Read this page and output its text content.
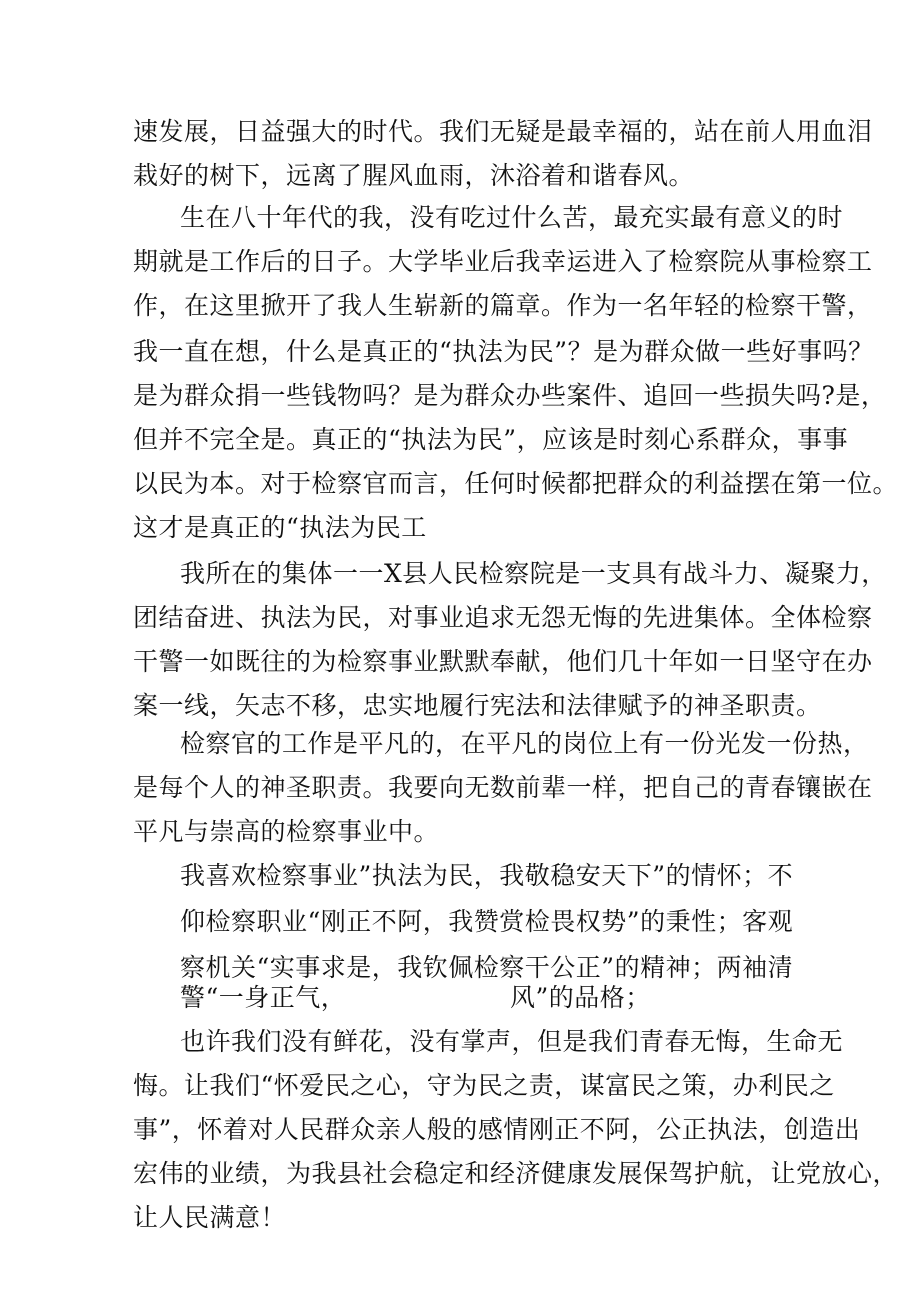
速发展，日益强大的时代。我们无疑是最幸福的，站在前人用血泪
栽好的树下，远离了腥风血雨，沐浴着和谐春风。
生在八十年代的我，没有吃过什么苦，最充实最有意义的时
期就是工作后的日子。大学毕业后我幸运进入了检察院从事检察工
作，在这里掀开了我人生崭新的篇章。作为一名年轻的检察干警，
我一直在想，什么是真正的“执法为民”？是为群众做一些好事吗？
是为群众捐一些钱物吗？是为群众办些案件、追回一些损失吗?是，
但并不完全是。真正的“执法为民”，应该是时刻心系群众，事事
以民为本。对于检察官而言，任何时候都把群众的利益摆在第一位。
这才是真正的“执法为民工
我所在的集体一一X县人民检察院是一支具有战斗力、凝聚力，
团结奋进、执法为民，对事业追求无怨无悔的先进集体。全体检察
干警一如既往的为检察事业默默奉献，他们几十年如一日坚守在办
案一线，矢志不移，忠实地履行宪法和法律赋予的神圣职责。
检察官的工作是平凡的，在平凡的岗位上有一份光发一份热，
是每个人的神圣职责。我要向无数前辈一样，把自己的青春镶嵌在
平凡与崇高的检察事业中。
我喜欢检察事业”执法为民，我敬稳安天下”的情怀；不
仰检察职业“刚正不阿，我赞赏检畏权势”的秉性；客观
察机关“实事求是，我钦佩检察干公正”的精神；两袖清
警“一身正气，	风”的品格；
也许我们没有鲜花，没有掌声，但是我们青春无悔，生命无
悔。让我们“怀爱民之心，守为民之责，谋富民之策，办利民之
事”，怀着对人民群众亲人般的感情刚正不阿，公正执法，创造出
宏伟的业绩，为我县社会稳定和经济健康发展保驾护航，让党放心，
让人民满意！
